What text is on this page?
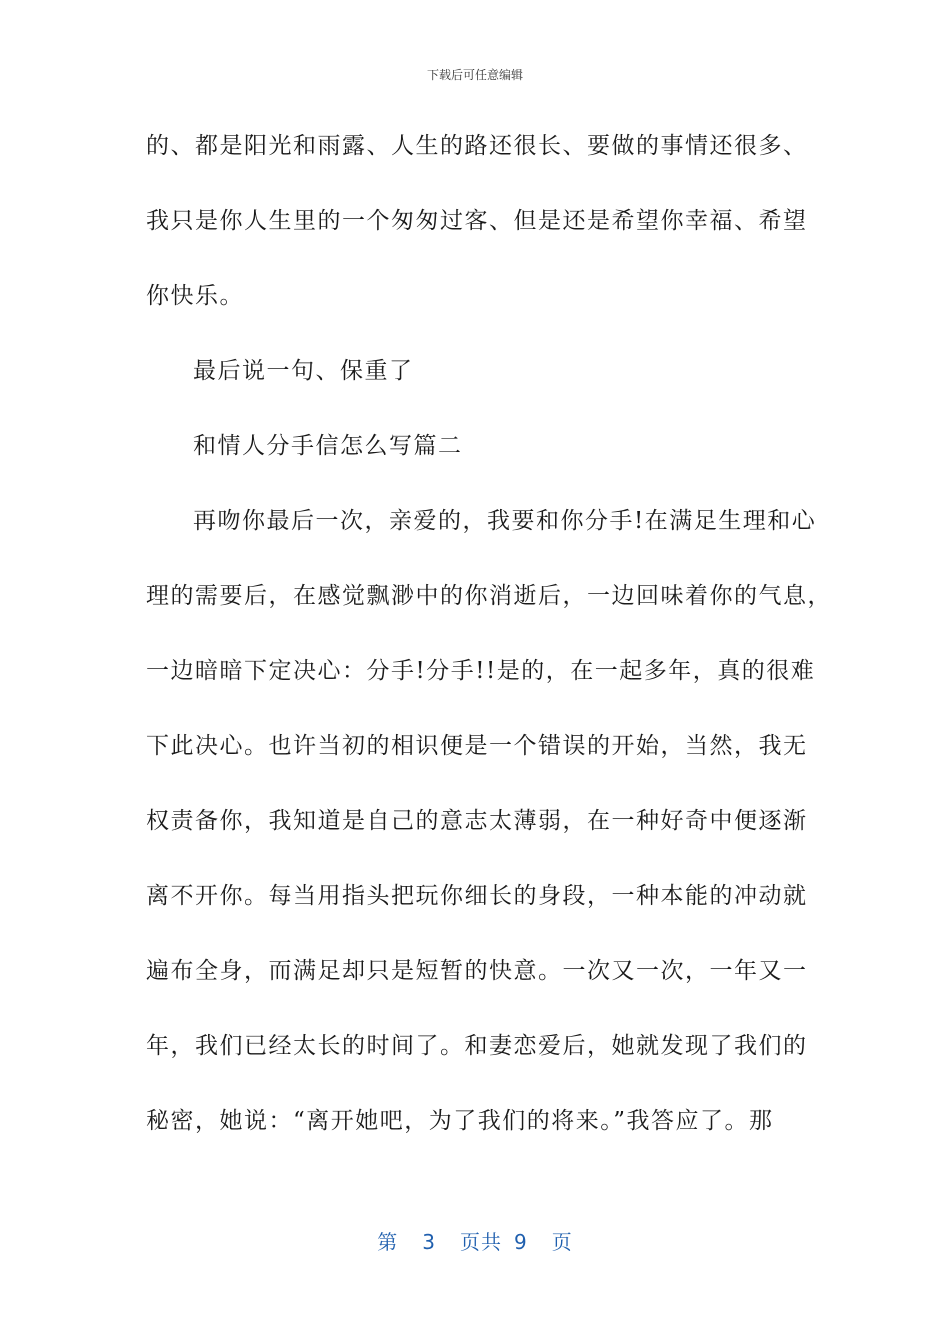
下载后可任意编辑
的、都是阳光和雨露、人生的路还很长、要做的事情还很多、
我只是你人生里的一个匆匆过客、但是还是希望你幸福、希望
你快乐。
最后说一句、保重了
和情人分手信怎么写篇二
再吻你最后一次，亲爱的，我要和你分手!在满足生理和心
理的需要后，在感觉飘渺中的你消逝后，一边回味着你的气息，
一边暗暗下定决心：分手!分手!!是的，在一起多年，真的很难
下此决心。也许当初的相识便是一个错误的开始，当然，我无
权责备你，我知道是自己的意志太薄弱，在一种好奇中便逐渐
离不开你。每当用指头把玩你细长的身段，一种本能的冲动就
遍布全身，而满足却只是短暂的快意。一次又一次，一年又一
年，我们已经太长的时间了。和妻恋爱后，她就发现了我们的
秘密，她说：“离开她吧，为了我们的将来。”我答应了。那
第 3 页共 9 页
